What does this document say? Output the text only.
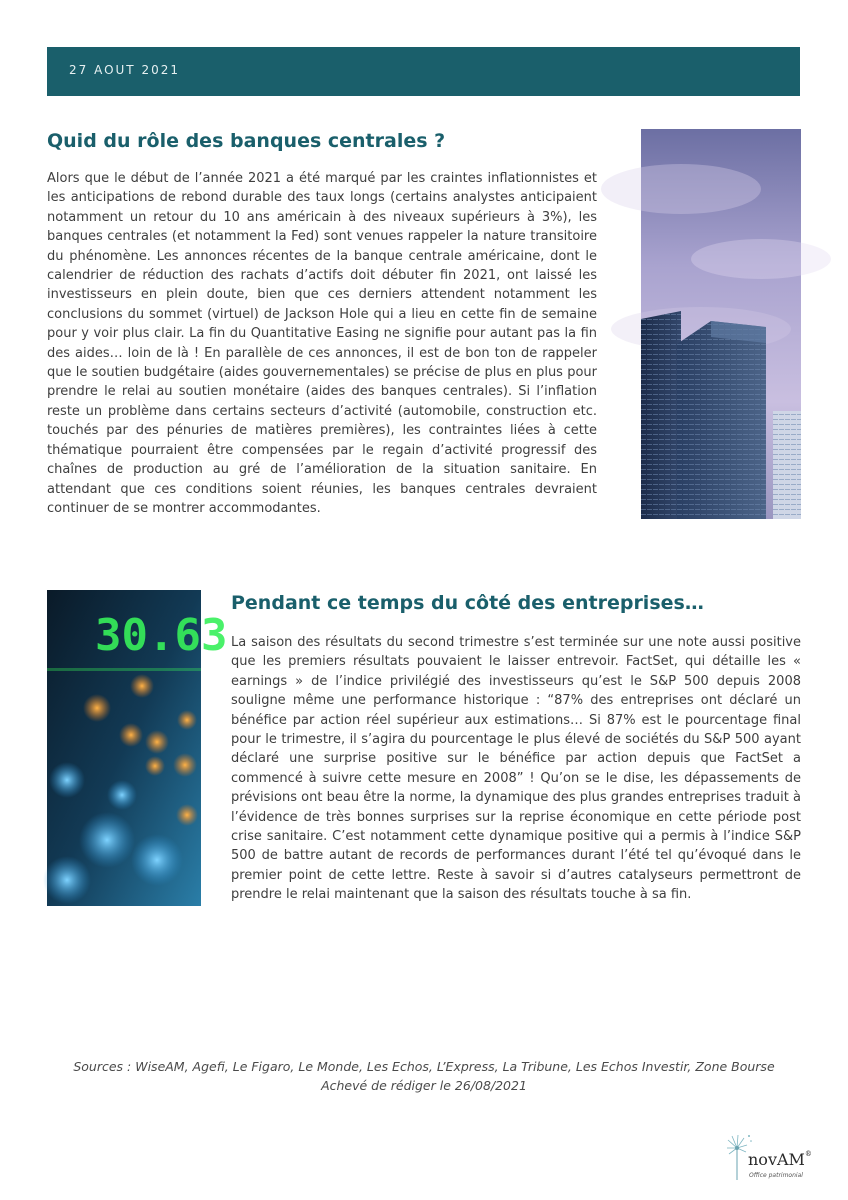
27 AOUT 2021
Quid du rôle des banques centrales ?

Alors que le début de l’année 2021 a été marqué par les craintes inflationnistes et les anticipations de rebond durable des taux longs (certains analystes anticipaient notamment un retour du 10 ans américain à des niveaux supérieurs à 3%), les banques centrales (et notamment la Fed) sont venues rappeler la nature transitoire du phénomène. Les annonces récentes de la banque centrale américaine, dont le calendrier de réduction des rachats d’actifs doit débuter fin 2021, ont laissé les investisseurs en plein doute, bien que ces derniers attendent notamment les conclusions du sommet (virtuel) de Jackson Hole qui a lieu en cette fin de semaine pour y voir plus clair. La fin du Quantitative Easing ne signifie pour autant pas la fin des aides… loin de là ! En parallèle de ces annonces, il est de bon ton de rappeler que le soutien budgétaire (aides gouvernementales) se précise de plus en plus pour prendre le relai au soutien monétaire (aides des banques centrales). Si l’inflation reste un problème dans certains secteurs d’activité (automobile, construction etc. touchés par des pénuries de matières premières), les contraintes liées à cette thématique pourraient être compensées par le regain d’activité progressif des chaînes de production au gré de l’amélioration de la situation sanitaire. En attendant que ces conditions soient réunies, les banques centrales devraient continuer de se montrer accommodantes.

30.63
Pendant ce temps du côté des entreprises…

La saison des résultats du second trimestre s’est terminée sur une note aussi positive que les premiers résultats pouvaient le laisser entrevoir. FactSet, qui détaille les « earnings » de l’indice privilégié des investisseurs qu’est le S&P 500 depuis 2008 souligne même une performance historique : “87% des entreprises ont déclaré un bénéfice par action réel supérieur aux estimations… Si 87% est le pourcentage final pour le trimestre, il s’agira du pourcentage le plus élevé de sociétés du S&P 500 ayant déclaré une surprise positive sur le bénéfice par action depuis que FactSet a commencé à suivre cette mesure en 2008” ! Qu’on se le dise, les dépassements de prévisions ont beau être la norme, la dynamique des plus grandes entreprises traduit à l’évidence de très bonnes surprises sur la reprise économique en cette période post crise sanitaire. C’est notamment cette dynamique positive qui a permis à l’indice S&P 500 de battre autant de records de performances durant l’été tel qu’évoqué dans le premier point de cette lettre. Reste à savoir si d’autres catalyseurs permettront de prendre le relai maintenant que la saison des résultats touche à sa fin.

Sources : WiseAM, Agefi, Le Figaro, Le Monde, Les Echos, L’Express, La Tribune, Les Echos Investir, Zone Bourse
Achevé de rédiger le 26/08/2021
novAM®
Office patrimonial
